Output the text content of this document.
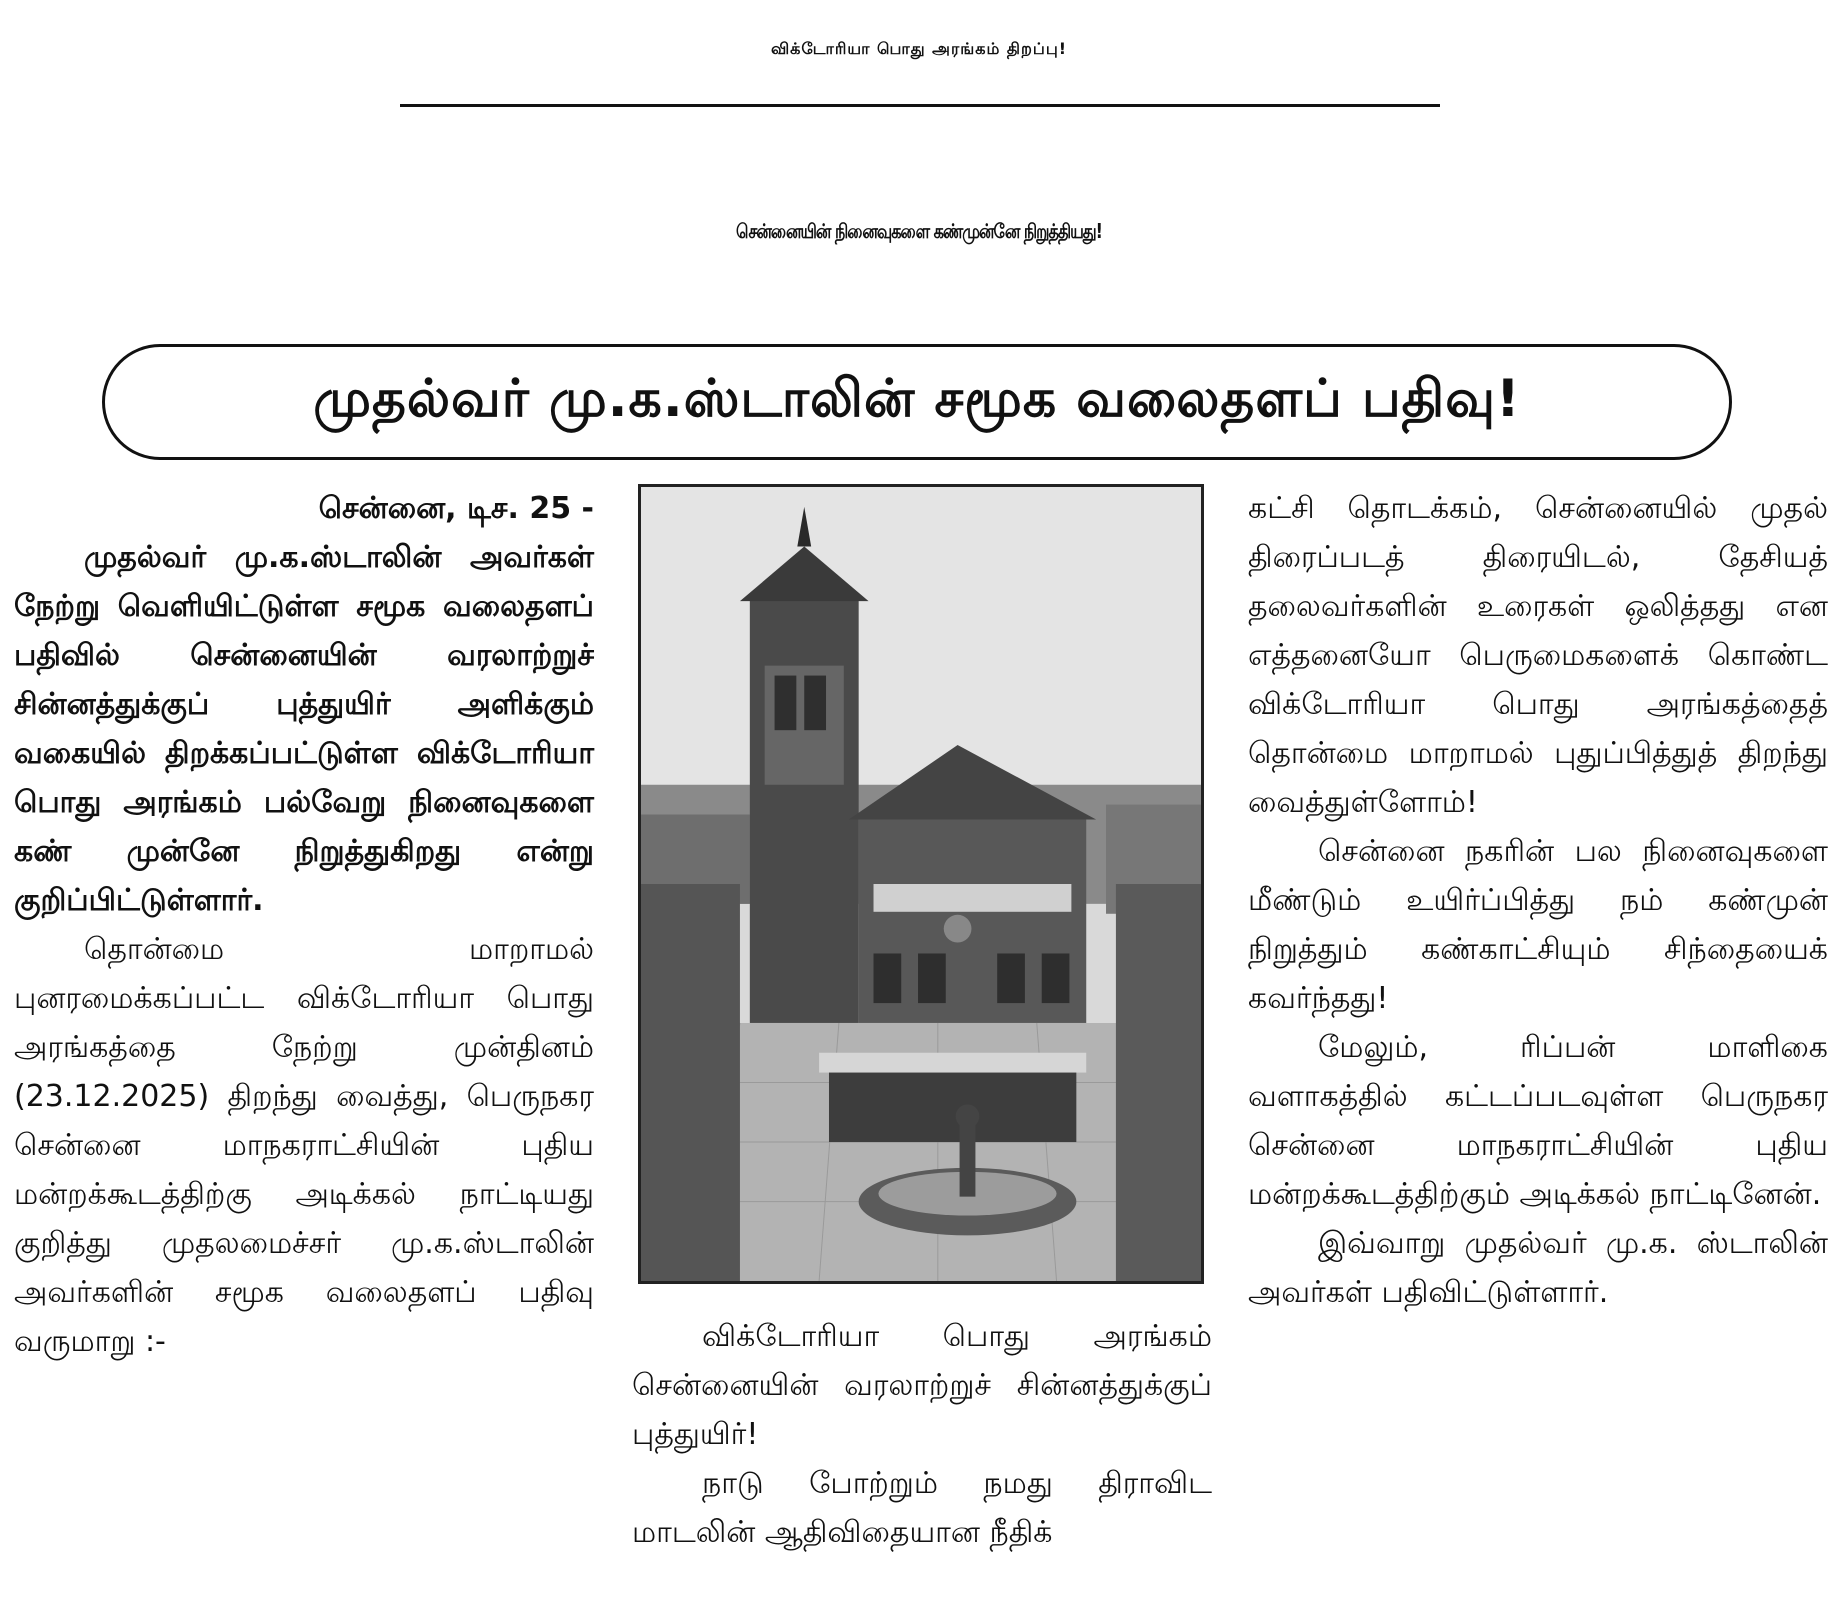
விக்டோரியா பொது அரங்கம் திறப்பு!
சென்னையின் நினைவுகளை கண்முன்னே நிறுத்தியது!
முதல்வர் மு.க.ஸ்டாலின் சமூக வலைதளப் பதிவு!

சென்னை, டிச. 25 -

முதல்வர் மு.க.ஸ்டாலின் அவர்கள் நேற்று வெளியிட்டுள்ள சமூக வலைதளப் பதிவில் சென்னையின் வரலாற்றுச் சின்னத்துக்குப் புத்துயிர் அளிக்கும் வகையில் திறக்கப்பட்டுள்ள விக்டோரியா பொது அரங்கம் பல்வேறு நினைவுகளை கண் முன்னே நிறுத்துகிறது என்று குறிப்பிட்டுள்ளார்.

தொன்மை மாறாமல் புனரமைக்கப்பட்ட விக்டோரியா பொது அரங்கத்தை நேற்று முன்தினம் (23.12.2025) திறந்து வைத்து, பெருநகர சென்னை மாநகராட்சியின் புதிய மன்றக்கூடத்திற்கு அடிக்கல் நாட்டியது குறித்து முதலமைச்சர் மு.க.ஸ்டாலின் அவர்களின் சமூக வலைதளப் பதிவு வருமாறு :-	விக்டோரியா பொது அரங்கம் சென்னையின் வரலாற்றுச் சின்னத்துக்குப் புத்துயிர்!

நாடு போற்றும் நமது திராவிட மாடலின் ஆதிவிதையான நீதிக்

கட்சி தொடக்கம், சென்னையில் முதல் திரைப்படத் திரையிடல், தேசியத் தலைவர்களின் உரைகள் ஒலித்தது என எத்தனையோ பெருமைகளைக் கொண்ட விக்டோரியா பொது அரங்கத்தைத் தொன்மை மாறாமல் புதுப்பித்துத் திறந்து வைத்துள்ளோம்!

சென்னை நகரின் பல நினைவுகளை மீண்டும் உயிர்ப்பித்து நம் கண்முன் நிறுத்தும் கண்காட்சியும் சிந்தையைக் கவர்ந்தது!

மேலும், ரிப்பன் மாளிகை வளாகத்தில் கட்டப்படவுள்ள பெருநகர சென்னை மாநகராட்சியின் புதிய மன்றக்கூடத்திற்கும் அடிக்கல் நாட்டினேன்.

இவ்வாறு முதல்வர் மு.க. ஸ்டாலின் அவர்கள் பதிவிட்டுள்ளார்.
